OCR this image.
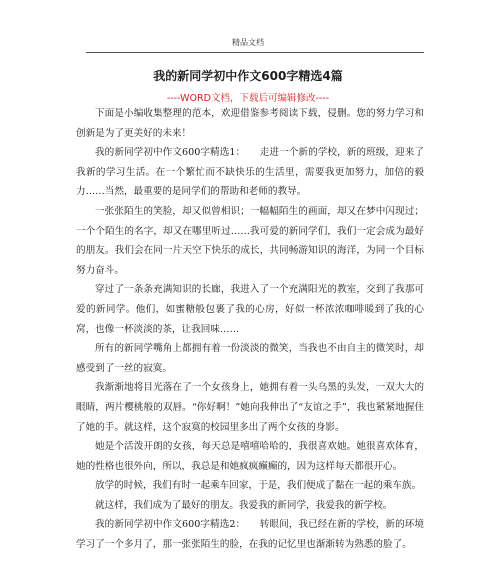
精品文档
我的新同学初中作文600字精选4篇
----WORD文档，下载后可编辑修改----

下面是小编收集整理的范本，欢迎借鉴参考阅读下载，侵删。您的努力学习和创新是为了更美好的未来！

我的新同学初中作文600字精选1：　　走进一个新的学校，新的班级，迎来了我新的学习生活。在一个繁忙而不缺快乐的生活里，需要我更加努力，加倍的毅力……当然，最重要的是同学们的帮助和老师的教导。

一张张陌生的笑脸，却又似曾相识；一幅幅陌生的画面，却又在梦中闪现过；一个个陌生的名字，却又在哪里听过……我可爱的新同学们，我们一定会成为最好的朋友。我们会在同一片天空下快乐的成长，共同畅游知识的海洋，为同一个目标努力奋斗。

穿过了一条条充满知识的长廊，我进入了一个充满阳光的教室，交到了我那可爱的新同学。他们，如蜜糖般包裹了我的心房，好似一杯浓浓咖啡暖到了我的心窝，也像一杯淡淡的茶，让我回味……

所有的新同学嘴角上都拥有着一份淡淡的微笑，当我也不由自主的微笑时，却感受到了一丝的寂寞。

我渐渐地将目光落在了一个女孩身上，她拥有着一头乌黑的头发，一双大大的眼睛，两片樱桃般的双唇。“你好啊！”她向我伸出了“友谊之手”，我也紧紧地握住了她的手。就这样，这个寂寞的校园里多出了两个女孩的身影。

她是个活泼开朗的女孩，每天总是嘻嘻哈哈的，我很喜欢她。她很喜欢体育，她的性格也很外向，所以，我总是和她疯疯癫癫的，因为这样每天都很开心。

放学的时候，我们有时一起乘车回家，于是，我们便成了黏在一起的乘车族。

就这样，我们成为了最好的朋友。我爱我的新同学，我爱我的新学校。

我的新同学初中作文600字精选2：　　转眼间，我已经在新的学校，新的环境学习了一个多月了，那一张张陌生的脸，在我的记忆里也渐渐转为熟悉的脸了。
